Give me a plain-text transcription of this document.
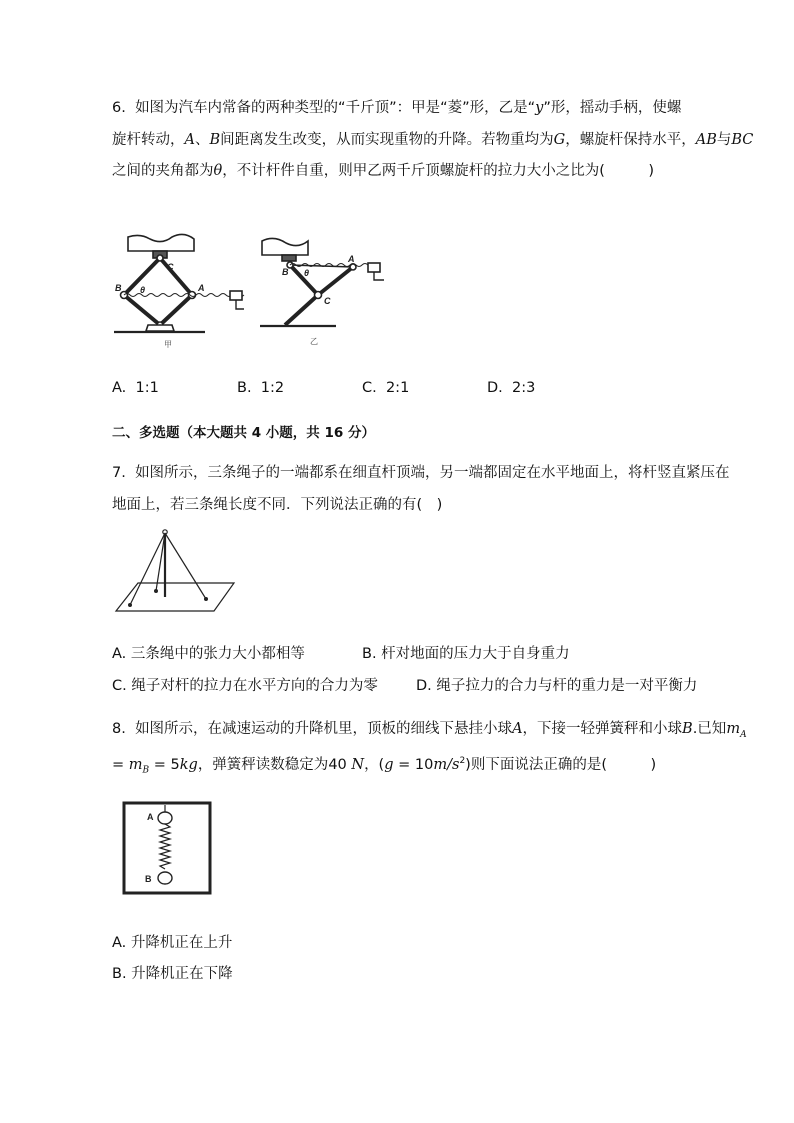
6. 如图为汽车内常备的两种类型的“千斤顶”：甲是“菱”形，乙是“y”形，摇动手柄，使螺
旋杆转动，A、B间距离发生改变，从而实现重物的升降。若物重均为G，螺旋杆保持水平，AB与BC
之间的夹角都为θ，不计杆件自重，则甲乙两千斤顶螺旋杆的拉力大小之比为(　　　)
C
B θ	A
B θ
A
C
甲	乙
A. 1:1	B. 1:2	C. 2:1	D. 2:3
二、多选题（本大题共 4 小题，共 16 分）
7. 如图所示，三条绳子的一端都系在细直杆顶端，另一端都固定在水平地面上，将杆竖直紧压在
地面上，若三条绳长度不同．下列说法正确的有(　)
A. 三条绳中的张力大小都相等	B. 杆对地面的压力大于自身重力
C. 绳子对杆的拉力在水平方向的合力为零	D. 绳子拉力的合力与杆的重力是一对平衡力
8. 如图所示，在减速运动的升降机里，顶板的细线下悬挂小球A，下接一轻弹簧秤和小球B.已知$m_A$
= $m_B = 5kg$，弹簧秤读数稳定为40 N，$(g = 10m/s^2)$则下面说法正确的是(　　　)
A
B
A. 升降机正在上升
B. 升降机正在下降
